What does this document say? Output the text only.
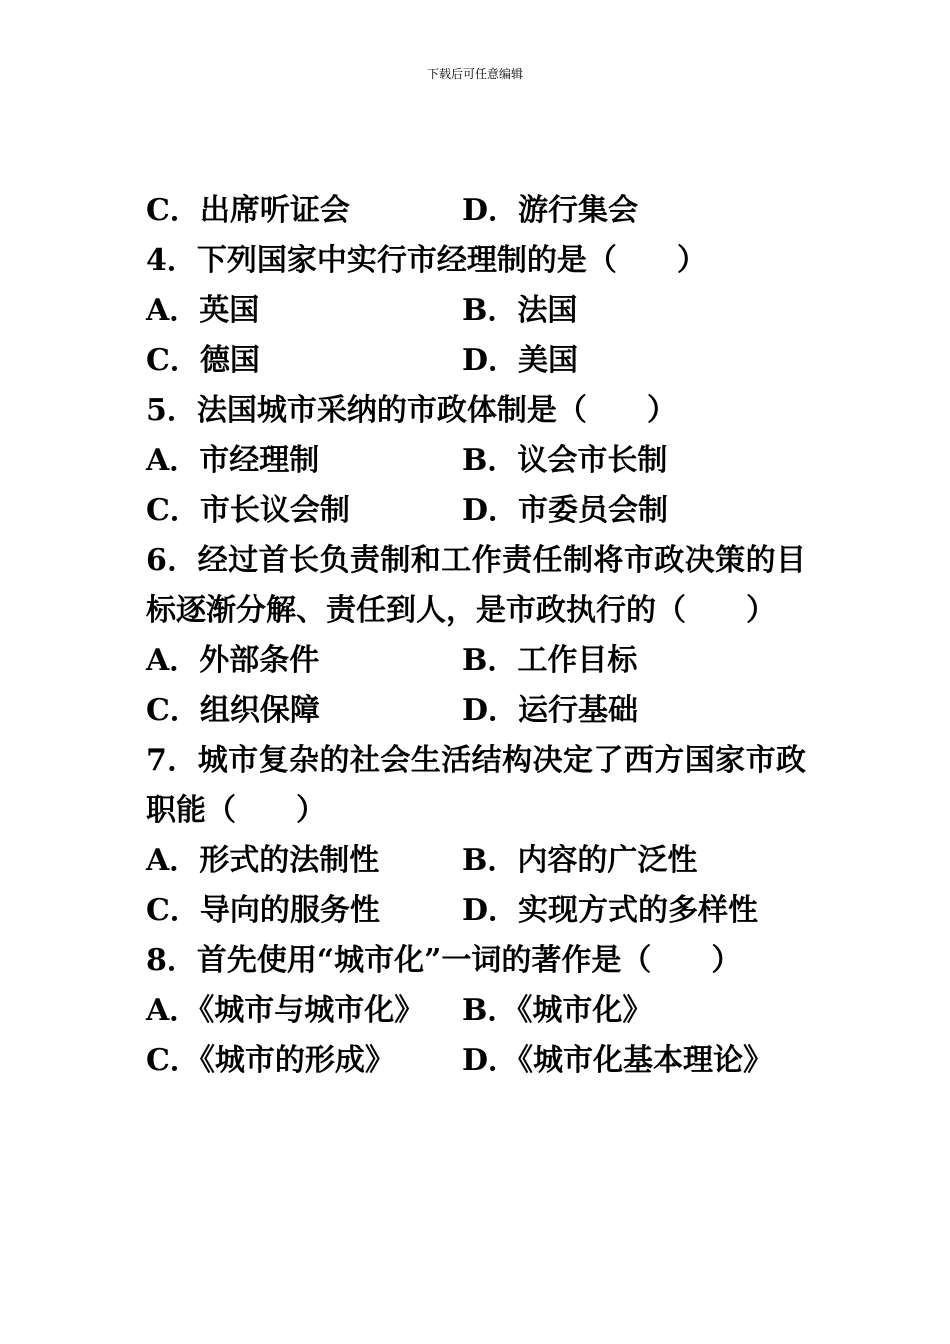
下载后可任意编辑
C．出席听证会	D．游行集会
4．下列国家中实行市经理制的是（　　）
A．英国	B．法国
C．德国	D．美国
5．法国城市采纳的市政体制是（　　）
A．市经理制	B．议会市长制
C．市长议会制	D．市委员会制
6．经过首长负责制和工作责任制将市政决策的目标逐渐分解、责任到人，是市政执行的（　　）
A．外部条件	B．工作目标
C．组织保障	D．运行基础
7．城市复杂的社会生活结构决定了西方国家市政职能（　　）
A．形式的法制性	B．内容的广泛性
C．导向的服务性	D．实现方式的多样性
8．首先使用“城市化”一词的著作是（　　）
A．《城市与城市化》 B．《城市化》
C．《城市的形成》 D．《城市化基本理论》
